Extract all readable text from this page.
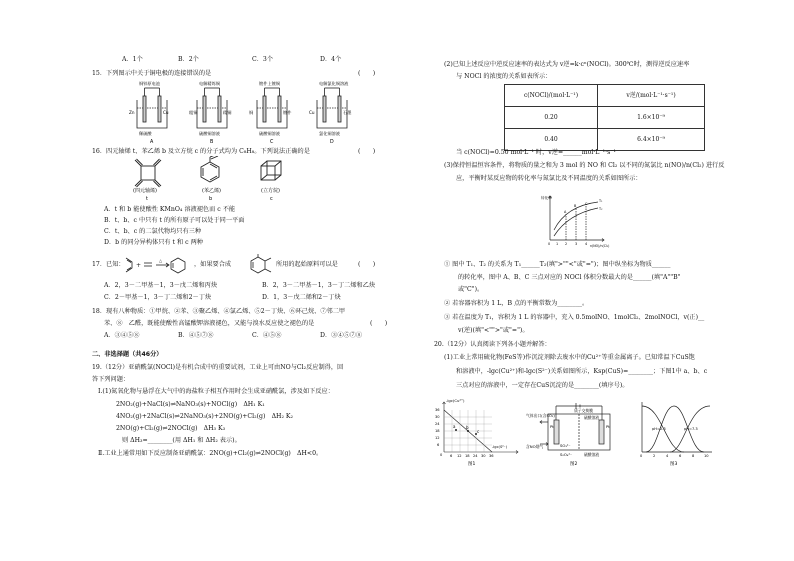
A．1个	B．2个	C．3个	D．4个
15．下列图示中关于铜电极的连接错误的是	(　　)
铜锌原电池
Zn	Cu
稀硫酸
A
电解精炼铜
粗铜	精铜
硫酸铜溶液
B
镀件上镀铜
铜	镀件
硫酸铜溶液
C
电解氯化铜溶液
Cu	石墨
氯化铜溶液
D
16．四元轴烯 t、苯乙烯 b 及立方烷 c 的分子式均为 C₈H₈。下列说法正确的是	(　　)
(四元轴烯)	(苯乙烯)	(立方烷)
t	b	c
A．t 和 b 能使酸性 KMnO₄ 溶液褪色而 c 不能
B．t、b、c 中只有 t 的所有原子可以处于同一平面
C．t、b、c 的二氯代物均只有三种
D．b 的同分异构体只有 t 和 c 两种
17．已知： +
△
，如果要合成	所用的起始原料可以是	(　　)
A．2，3－二甲基－1，3－戊二烯和丙炔	B．2，3－二甲基－1，3－丁二烯和乙炔
C．2－甲基－1，3－丁二烯和2－丁炔	D．1，3－戊二烯和2－丁炔
18．现有八种物质：①甲烷、②苯、③聚乙烯、④氯乙烯、⑤2－丁炔、⑥环己烷、⑦邻二甲
苯、⑧　乙醛，既能使酸性高锰酸钾溶液褪色，又能与溴水反应使之褪色的是	(　　)
A．③④⑤⑧	B．④⑤⑦⑧	C．④⑤⑧	D．③④⑤⑦⑧
二、非选择题（共46分）
19.（12分）亚硝酰氯(NOCl)是有机合成中的重要试剂，工业上可由NO与Cl₂反应制得，回
答下列问题：
Ⅰ.(1)氮氧化物与悬浮在大气中的海盐粒子相互作用时会生成亚硝酰氯，涉及如下反应：
2NO₂(g)+NaCl(s)⇌NaNO₃(s)+NOCl(g)　ΔH₁ K₁
4NO₂(g)+2NaCl(s)⇌2NaNO₃(s)+2NO(g)+Cl₂(g)　ΔH₂ K₂
2NO(g)+Cl₂(g)⇌2NOCl(g)　ΔH₃ K₃
则 ΔH₃=________(用 ΔH₁ 和 ΔH₂ 表示)。
Ⅱ.工业上通常用如下反应制备亚硝酰氯：2NO(g)+Cl₂(g)⇌2NOCl(g)　ΔH<0。
(2)已知上述反应中逆反应速率的表达式为 v逆=k·cⁿ(NOCl)。300℃时，测得逆反应速率
与 NOCl 的浓度的关系如表所示：
c(NOCl)/(mol·L⁻¹)	v逆/(mol·L⁻¹·s⁻¹)
0.20	1.6×10⁻⁹
0.40	6.4×10⁻⁹
当 c(NOCl)=0.50 mol·L⁻¹ 时，v逆=______mol·L⁻¹·s⁻¹
(3)保持恒温恒容条件，将物质的量之和为 3 mol 的 NO 和 Cl₂ 以不同的氮氯比 n(NO)/n(Cl₂) 进行反
应，平衡时某反应物的转化率与氮氯比及不同温度的关系如图所示：
转化率
n(NO)/n(Cl₂)
0 1 2 3 4
T₁
T₂
A
B	C
① 图中 T₁、T₂ 的关系为 T₁______T₂(填">""<"或"=")；图中纵坐标为物质______
的转化率，图中 A、B、C 三点对应的 NOCl 体积分数最大的是______(填"A""B"
或"C")。
② 若容器容积为 1 L，B 点的平衡常数为________。
③ 若在温度为 T₁，容积为 1 L 的容器中，充入 0.5molNO、1molCl₂、2molNOCl，v(正)__
v(逆)(填"<"">"或"=")。
20.（12分）认真阅读下列各小题并解答：
(1)工业上常用硫化物(FeS等)作沉淀剂除去废水中的Cu²⁺等重金属离子。已知常温下CuS饱
和溶液中，-lgc(Cu²⁺)和-lgc(S²⁻)关系如图所示，Ksp(CuS)=________；下图1中 a、b、c
三点对应的溶液中，一定存在CuS沉淀的是________(填序号)。
a	b
c
-lgc(Cu²⁺)
-lgc(S²⁻)
36
30
24
18
12
6
0 6 12 18 24 30 36
图1
气体出口(含SO₂)
质子交换膜
硫酸溶液
含NO烟气	SO₃²⁻
S₂O₄²⁻	硫酸溶液
Pt	Pt
图2
pH=2.3	pH=7.3
0	2	4	6	8	10
图3
